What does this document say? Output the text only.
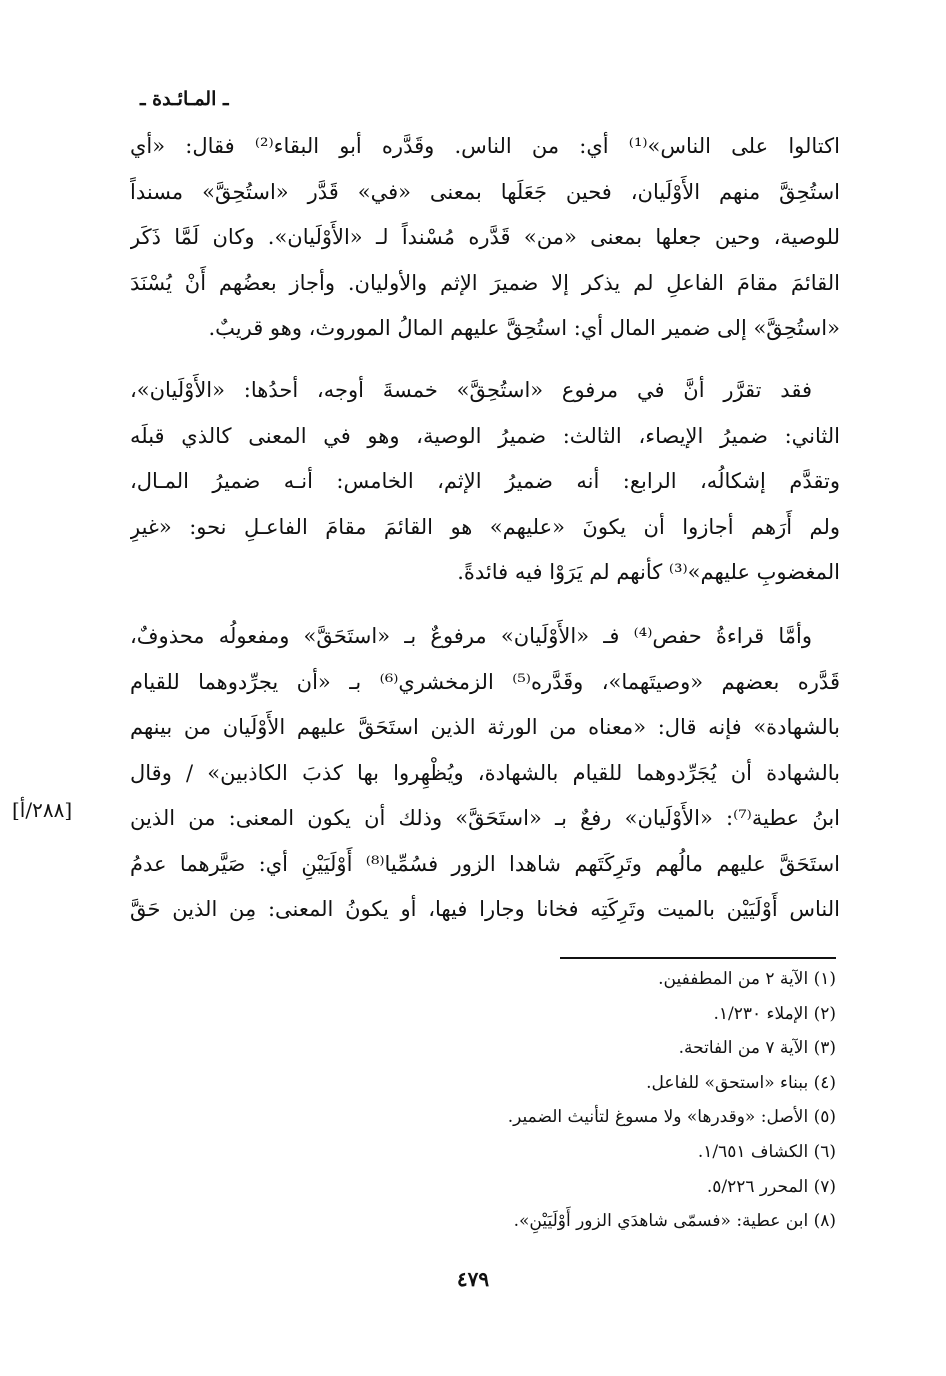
ـ المـائـدة ـ
اكتالوا على الناس»⁽¹⁾ أي: من الناس. وقَدَّره أبو البقاء⁽²⁾ فقال: «أي
استُحِقَّ منهم الأَوْلَيان، فحين جَعَلَها بمعنى «في» قَدَّر «استُحِقَّ» مسنداً
للوصية، وحين جعلها بمعنى «من» قَدَّره مُسْنداً لـ «الأَوْلَيان». وكان لَمَّا ذَكَر
القائمَ مقامَ الفاعلِ لم يذكر إلا ضميرَ الإثم والأوليان. وأجاز بعضُهم أَنْ يُسْنَدَ
«استُحِقَّ» إلى ضمير المال أي: استُحِقَّ عليهم المالُ الموروث، وهو قريبٌ.
فقد تقرَّر أنَّ في مرفوع «استُحِقَّ» خمسةَ أوجه، أحدُها: «الأَوْلَيان»،
الثاني: ضميرُ الإيصاء، الثالث: ضميرُ الوصية، وهو في المعنى كالذي قبلَه
وتقدَّم إشكالُه، الرابع: أنه ضميرُ الإثم، الخامس: أنـه ضميرُ المـال،
ولم أَرَهم أجازوا أن يكونَ «عليهم» هو القائمَ مقامَ الفاعـلِ نحو: «غيرِ
المغضوبِ عليهم»⁽³⁾ كأنهم لم يَرَوْا فيه فائدةً.
وأمَّا قراءةُ حفص⁽⁴⁾ فـ «الأَوْلَيان» مرفوعٌ بـ «استَحَقَّ» ومفعولُه محذوفٌ،
قَدَّره بعضهم «وصيتَهما»، وقَدَّره⁽⁵⁾ الزمخشري⁽⁶⁾ بـ «أن يجرِّدوهما للقيام
بالشهادة» فإنه قال: «معناه من الورثة الذين استَحَقَّ عليهم الأَوْلَيان من بينهم
بالشهادة أن يُجَرِّدوهما للقيام بالشهادة، ويُظْهِروا بها كذبَ الكاذبين» / وقال
ابنُ عطية⁽⁷⁾: «الأَوْلَيان» رفعٌ بـ «استَحَقَّ» وذلك أن يكون المعنى: من الذين
استَحَقَّ عليهم مالُهم وتَرِكَتَهم شاهدا الزور فسُمِّيا⁽⁸⁾ أَوْلَيَيْنِ أي: صَيَّرهما عدمُ
الناس أَوْلَيَيْن بالميت وتَرِكَتِه فخانا وجارا فيها، أو يكونُ المعنى: مِن الذين حَقَّ
[٢٨٨/أ]
(١) الآية ٢ من المطففين.
(٢) الإملاء ١/٢٣٠.
(٣) الآية ٧ من الفاتحة.
(٤) ببناء «استحق» للفاعل.
(٥) الأصل: «وقدرها» ولا مسوغ لتأنيث الضمير.
(٦) الكشاف ١/٦٥١.
(٧) المحرر ٥/٢٢٦.
(٨) ابن عطية: «فسمّى شاهدَي الزور أَوْلَيَيْنِ».
٤٧٩
